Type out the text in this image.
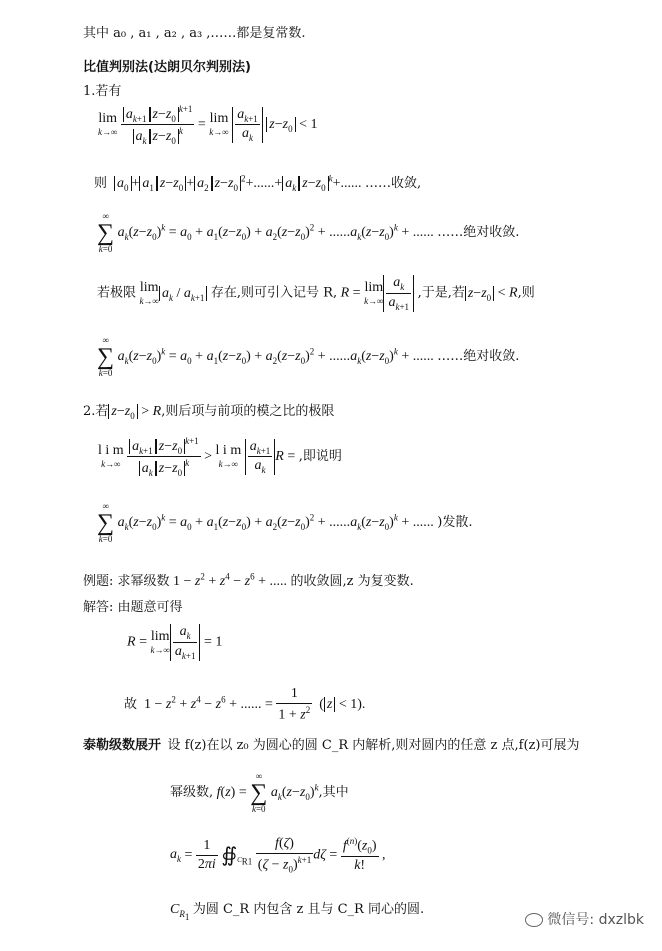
其中 a₀ , a₁ , a₂ , a₃ ,……都是复常数.
比值判别法(达朗贝尔判别法)
1.若有
lim
k→∞
$\frac{a_{k+1} z-z_0^{k+1}}{a_k z-z_0^k} = \lim$
k→∞
$\frac{a_{k+1}}{a_k} z-z_0 < 1$
则 $a_0 + a_1$ $z-z_0 + a_2$ $z-z_0^2+......+ a_k$ $z-z_0^k+$...... ……收敛,
∞
∑
k=0
$a_k(z-z_0)^k = a_0 + a_1(z-z_0) + a_2(z-z_0)^2 + ......a_k(z-z_0)^k$ + ...... ……绝对收敛.
若极限 lim
k→∞
$a_k / a_{k+1}$ 存在,则可引入记号 R, R = lim
$k\to\infty \frac{a_k}{a_{k+1}}$ ,于是,若 $z-z_0 < R$,则
∞
∑
k=0
$a_k(z-z_0)^k = a_0 + a_1(z-z_0) + a_2(z-z_0)^2 + ......a_k(z-z_0)^k$ + ...... ……绝对收敛.
2.若 $z-z_0 > R$,则后项与前项的模之比的极限
l i m
k→∞
$\frac{a_{k+1} z-z_0^{k+1}}{a_k z-z_0^k} > l$ i m
k→∞
$\frac{a_{k+1}}{a_k}$ R = ,即说明
∞
∑
k=0
$a_k(z-z_0)^k = a_0 + a_1(z-z_0) + a_2(z-z_0)^2 + ......a_k(z-z_0)^k$ + ...... )发散.
例题: 求幂级数 $1 - z^2 + z^4 - z^6$ + ..... 的收敛圆,z 为复变数.
解答: 由题意可得
R = lim
$k\to\infty \frac{a_k}{a_{k+1}} = 1$
故  $1 - z^2 + z^4 - z^6$ + ...... = $\frac{1}{1 + z^2}$ ( z < 1).
泰勒级数展开 设 f(z)在以 z₀ 为圆心的圆 C_R 内解析,则对圆内的任意 z 点,f(z)可展为
幂级数, f(z) =
∞
∑
k=0
$a_k(z-z_0)^k$,其中
$a_k = \frac{1}{2\pi i}$ $∯_{C_{R1}} \frac{f(\zeta)}{(\zeta - z_0)^{k+1}}$ $d\zeta = \frac{f^{(n)}(z_0)}{k!}$ ,
$C_{R_1}$ 为圆 C_R 内包含 z 且与 C_R 同心的圆.
微信号: dxzlbk
